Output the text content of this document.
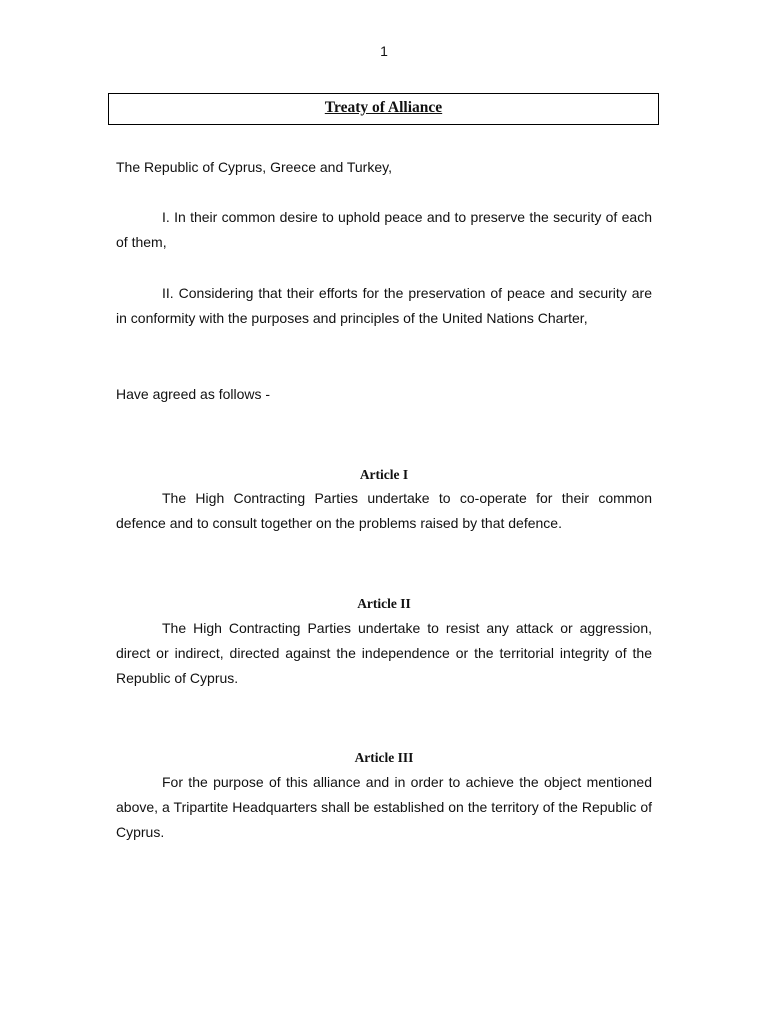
1
Treaty of Alliance

The Republic of Cyprus, Greece and Turkey,

I. In their common desire to uphold peace and to preserve the security of each of them,

II. Considering that their efforts for the preservation of peace and security are in conformity with the purposes and principles of the United Nations Charter,

Have agreed as follows -

Article I

The High Contracting Parties undertake to co-operate for their common defence and to consult together on the problems raised by that defence.

Article II

The High Contracting Parties undertake to resist any attack or aggression, direct or indirect, directed against the independence or the territorial integrity of the Republic of Cyprus.

Article III

For the purpose of this alliance and in order to achieve the object mentioned above, a Tripartite Headquarters shall be established on the territory of the Republic of Cyprus.
